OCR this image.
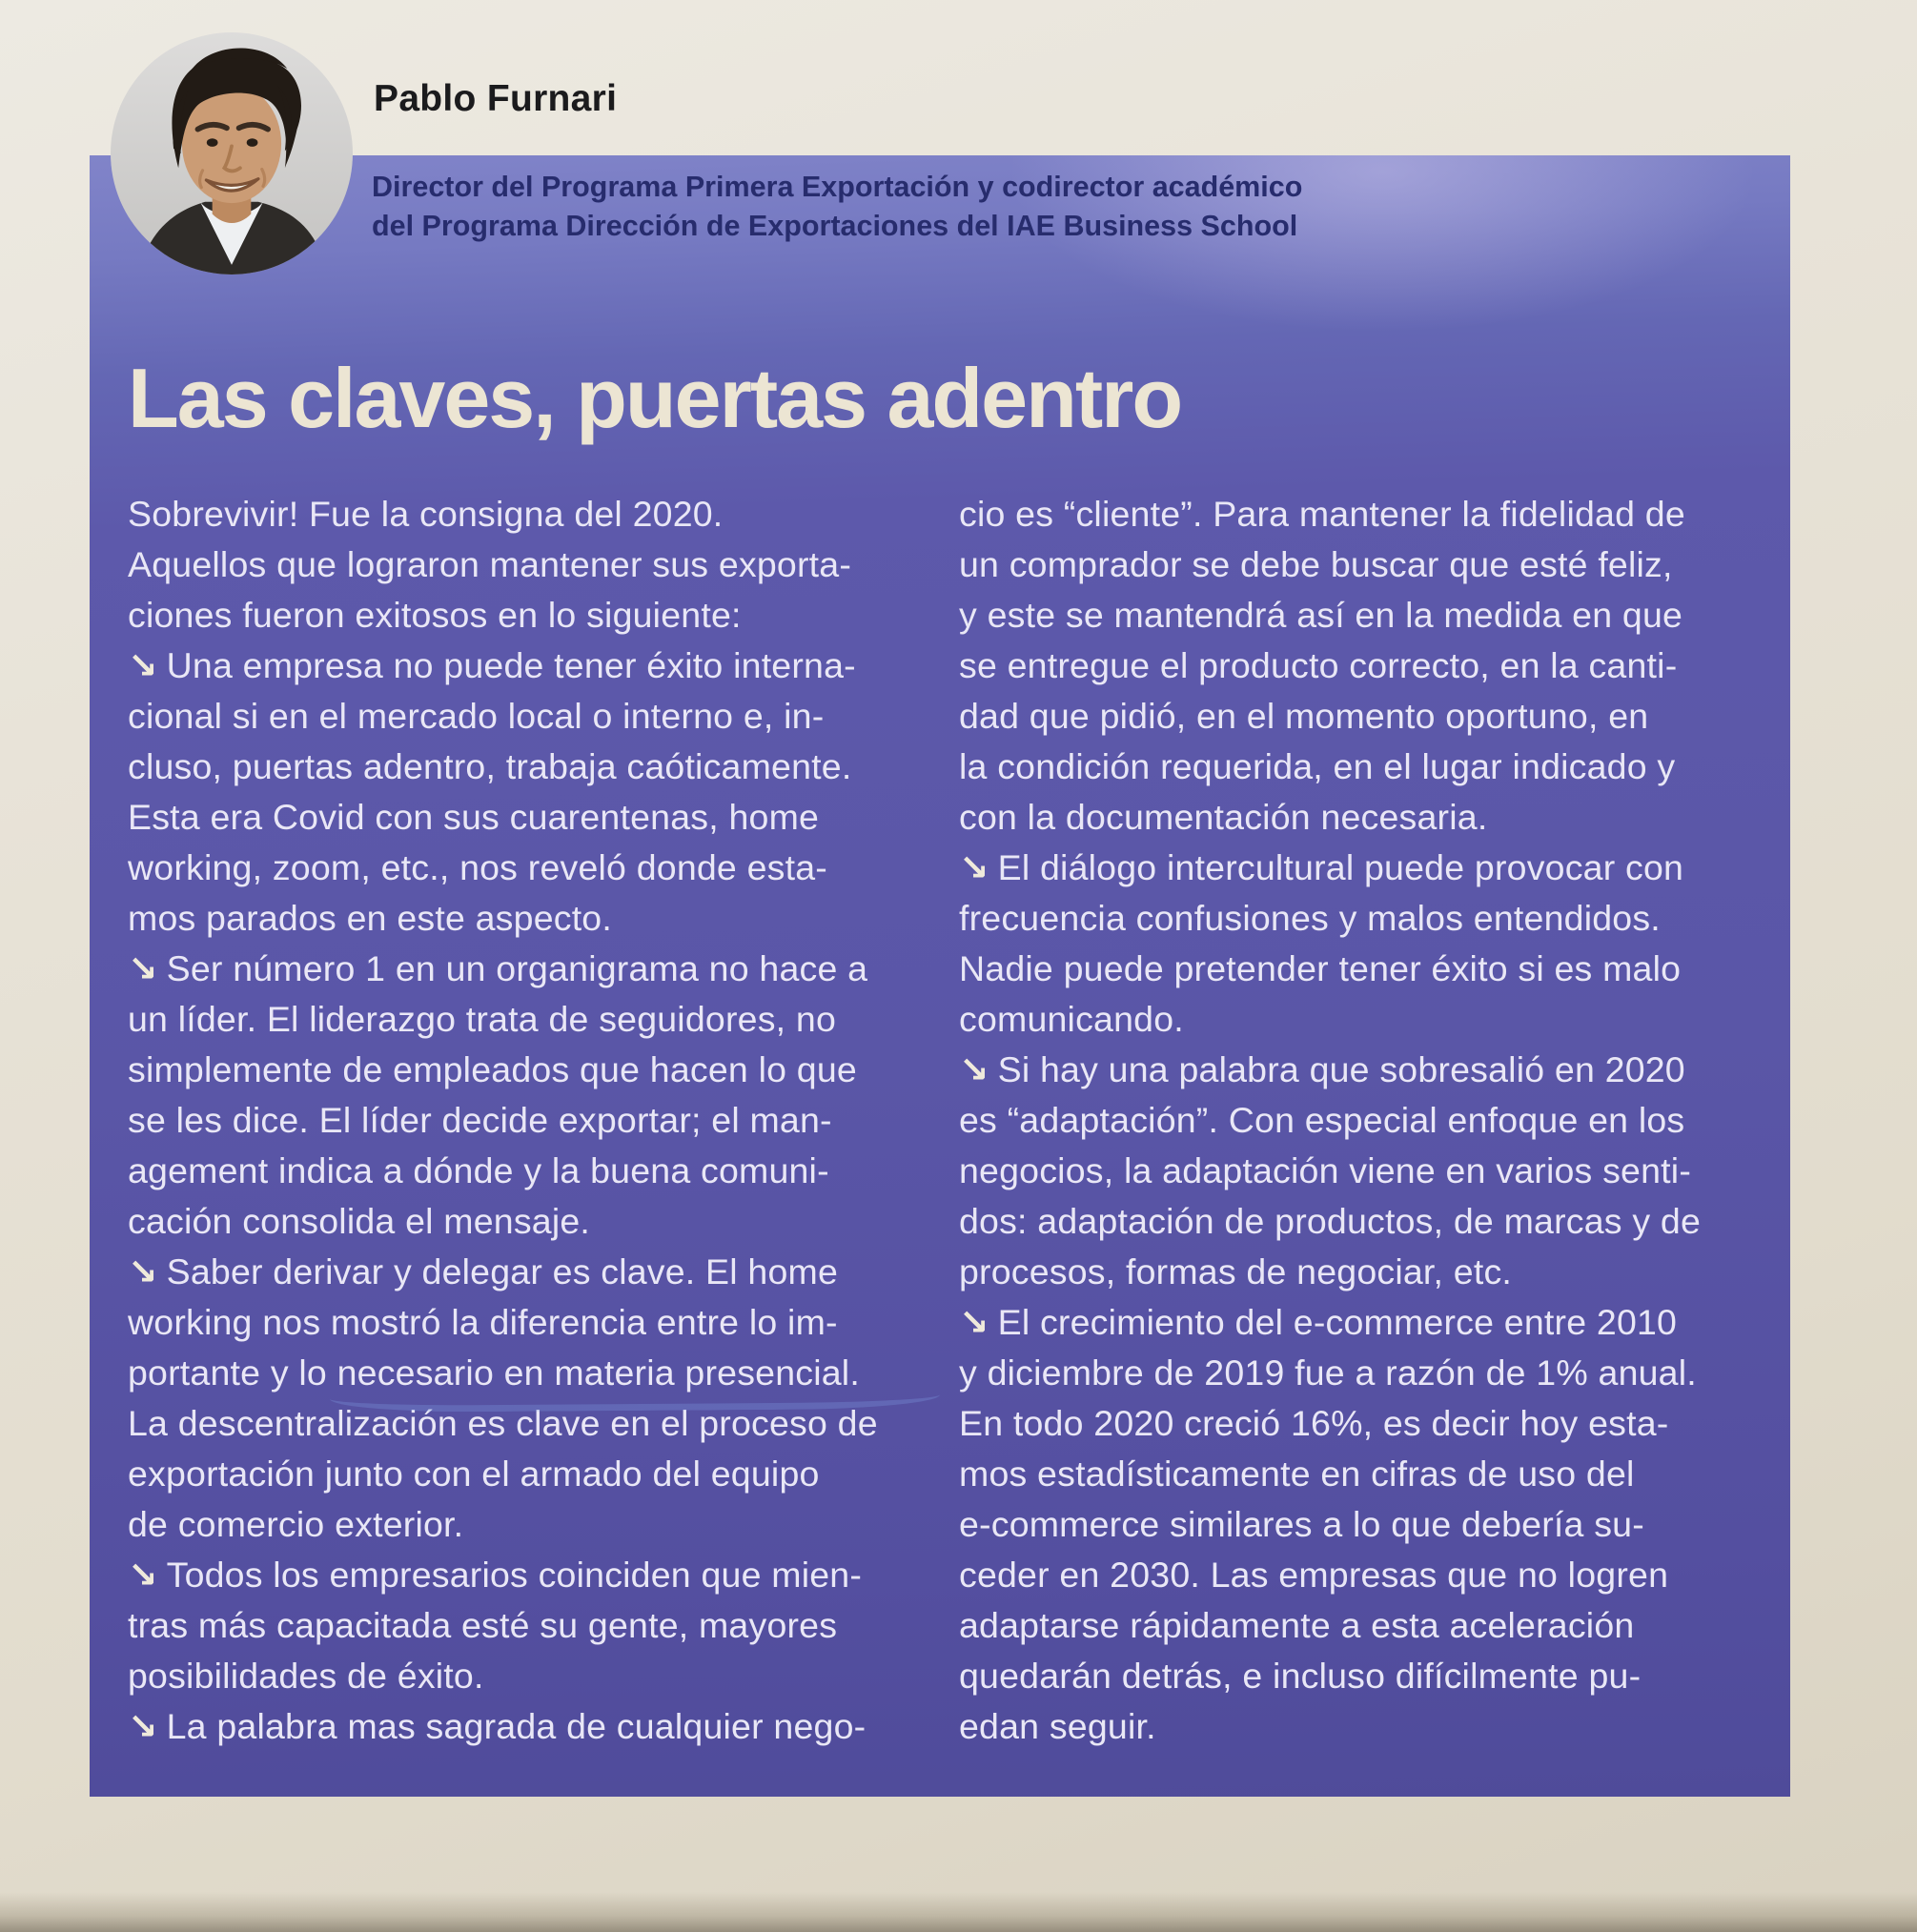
Director del Programa Primera Exportación y codirector académico
del Programa Dirección de Exportaciones del IAE Business School
Las claves, puertas adentro
Sobrevivir! Fue la consigna del 2020.
Aquellos que lograron mantener sus exporta-
ciones fueron exitosos en lo siguiente:
↘ Una empresa no puede tener éxito interna-
cional si en el mercado local o interno e, in-
cluso, puertas adentro, trabaja caóticamente.
Esta era Covid con sus cuarentenas, home
working, zoom, etc., nos reveló donde esta-
mos parados en este aspecto.
↘ Ser número 1 en un organigrama no hace a
un líder. El liderazgo trata de seguidores, no
simplemente de empleados que hacen lo que
se les dice. El líder decide exportar; el man-
agement indica a dónde y la buena comuni-
cación consolida el mensaje.
↘ Saber derivar y delegar es clave. El home
working nos mostró la diferencia entre lo im-
portante y lo necesario en materia presencial.
La descentralización es clave en el proceso de
exportación junto con el armado del equipo
de comercio exterior.
↘ Todos los empresarios coinciden que mien-
tras más capacitada esté su gente, mayores
posibilidades de éxito.
↘ La palabra mas sagrada de cualquier nego-
cio es “cliente”. Para mantener la fidelidad de
un comprador se debe buscar que esté feliz,
y este se mantendrá así en la medida en que
se entregue el producto correcto, en la canti-
dad que pidió, en el momento oportuno, en
la condición requerida, en el lugar indicado y
con la documentación necesaria.
↘ El diálogo intercultural puede provocar con
frecuencia confusiones y malos entendidos.
Nadie puede pretender tener éxito si es malo
comunicando.
↘ Si hay una palabra que sobresalió en 2020
es “adaptación”. Con especial enfoque en los
negocios, la adaptación viene en varios senti-
dos: adaptación de productos, de marcas y de
procesos, formas de negociar, etc.
↘ El crecimiento del e-commerce entre 2010
y diciembre de 2019 fue a razón de 1% anual.
En todo 2020 creció 16%, es decir hoy esta-
mos estadísticamente en cifras de uso del
e-commerce similares a lo que debería su-
ceder en 2030. Las empresas que no logren
adaptarse rápidamente a esta aceleración
quedarán detrás, e incluso difícilmente pu-
edan seguir.
Pablo Furnari
